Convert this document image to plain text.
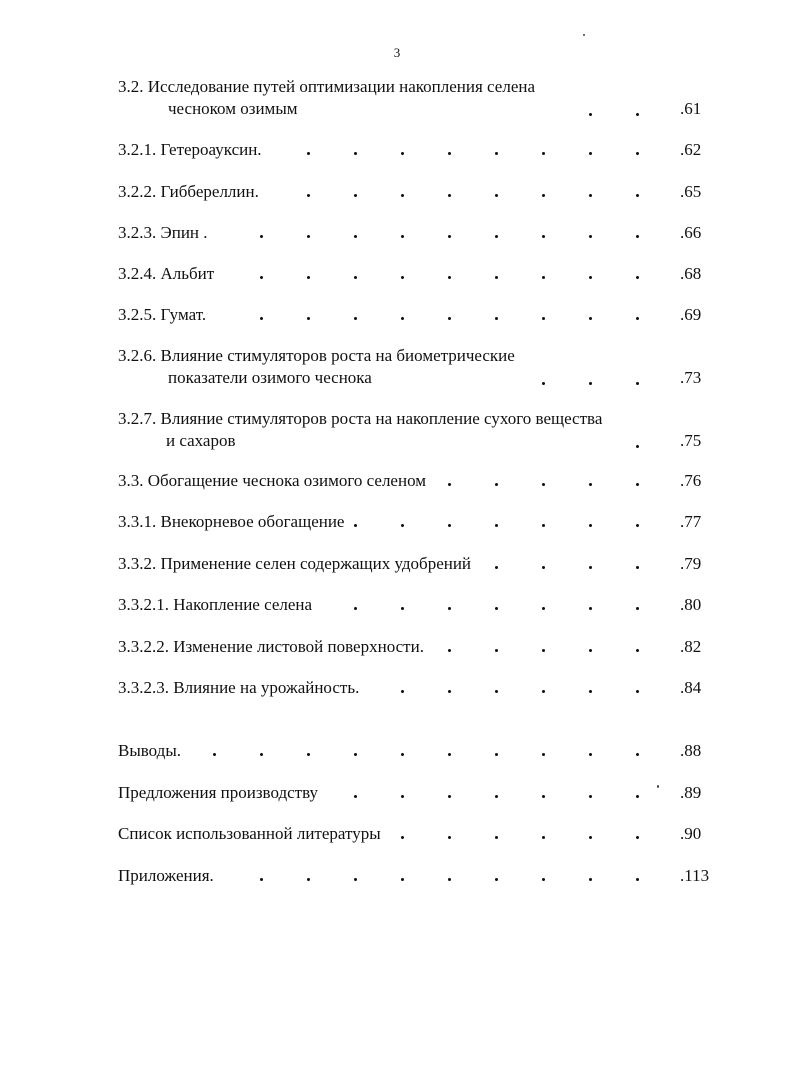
3
3.2. Исследование путей оптимизации накопления селена
чесноком озимым	.61
3.2.1. Гетероауксин.	.62
3.2.2. Гиббереллин.	.65
3.2.3. Эпин .	.66
3.2.4. Альбит	.68
3.2.5. Гумат.	.69
3.2.6. Влияние стимуляторов роста на биометрические
показатели озимого чеснока	.73
3.2.7. Влияние стимуляторов роста на накопление сухого вещества
и сахаров	.75
3.3. Обогащение чеснока озимого селеном	.76
3.3.1. Внекорневое обогащение	.77
3.3.2. Применение селен содержащих удобрений	.79
3.3.2.1. Накопление селена	.80
3.3.2.2. Изменение листовой поверхности.	.82
3.3.2.3. Влияние на урожайность.	.84
Выводы.	.88
Предложения производству	.89
Список использованной литературы	.90
Приложения.	.113
